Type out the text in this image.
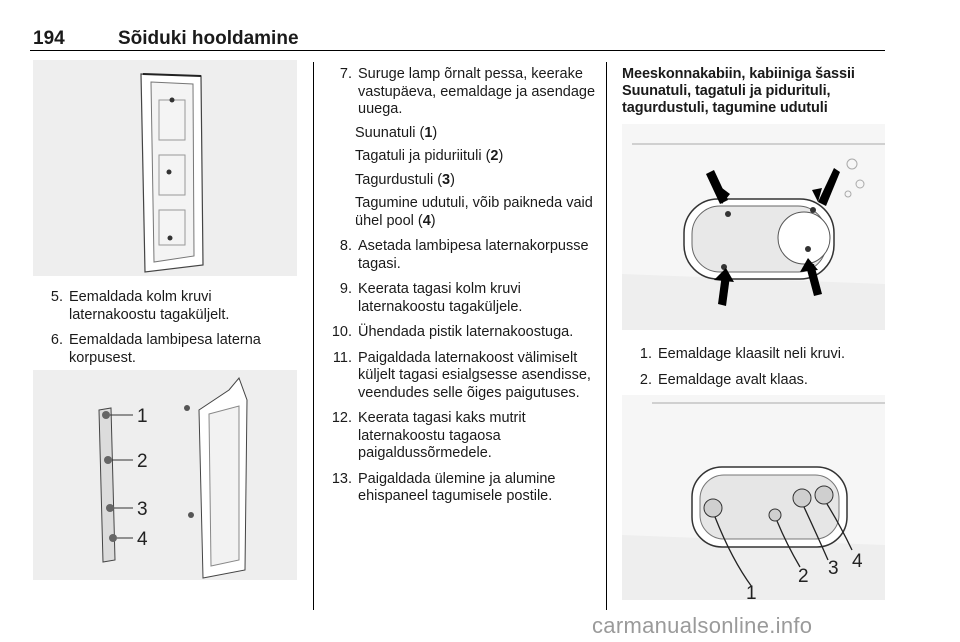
194	Sõiduki hooldamine
5. Eemaldada kolm kruvi laternakoostu tagaküljelt.
6. Eemaldada lambipesa laterna korpusest.
1
2
3
4
7. Suruge lamp õrnalt pessa, keerake vastupäeva, eemaldage ja asendage uuega.

Suunatuli (1)

Tagatuli ja piduriituli (2)

Tagurdustuli (3)

Tagumine udutuli, võib paikneda vaid ühel pool (4)

8. Asetada lambipesa laternakorpusse tagasi.
9. Keerata tagasi kolm kruvi laternakoostu tagaküljele.
10. Ühendada pistik laternakoostuga.
11. Paigaldada laternakoost välimiselt küljelt tagasi esialgsesse asendisse, veendudes selle õiges paigutuses.
12. Keerata tagasi kaks mutrit laternakoostu tagaosa paigaldussõrmedele.
13. Paigaldada ülemine ja alumine ehispaneel tagumisele postile.

Meeskonnakabiin, kabiiniga šassii

Suunatuli, tagatuli ja pidurituli,

tagurdustuli, tagumine udutuli

1. Eemaldage klaasilt neli kruvi.
2. Eemaldage avalt klaas.
1
2 3 4
carmanualsonline.info
